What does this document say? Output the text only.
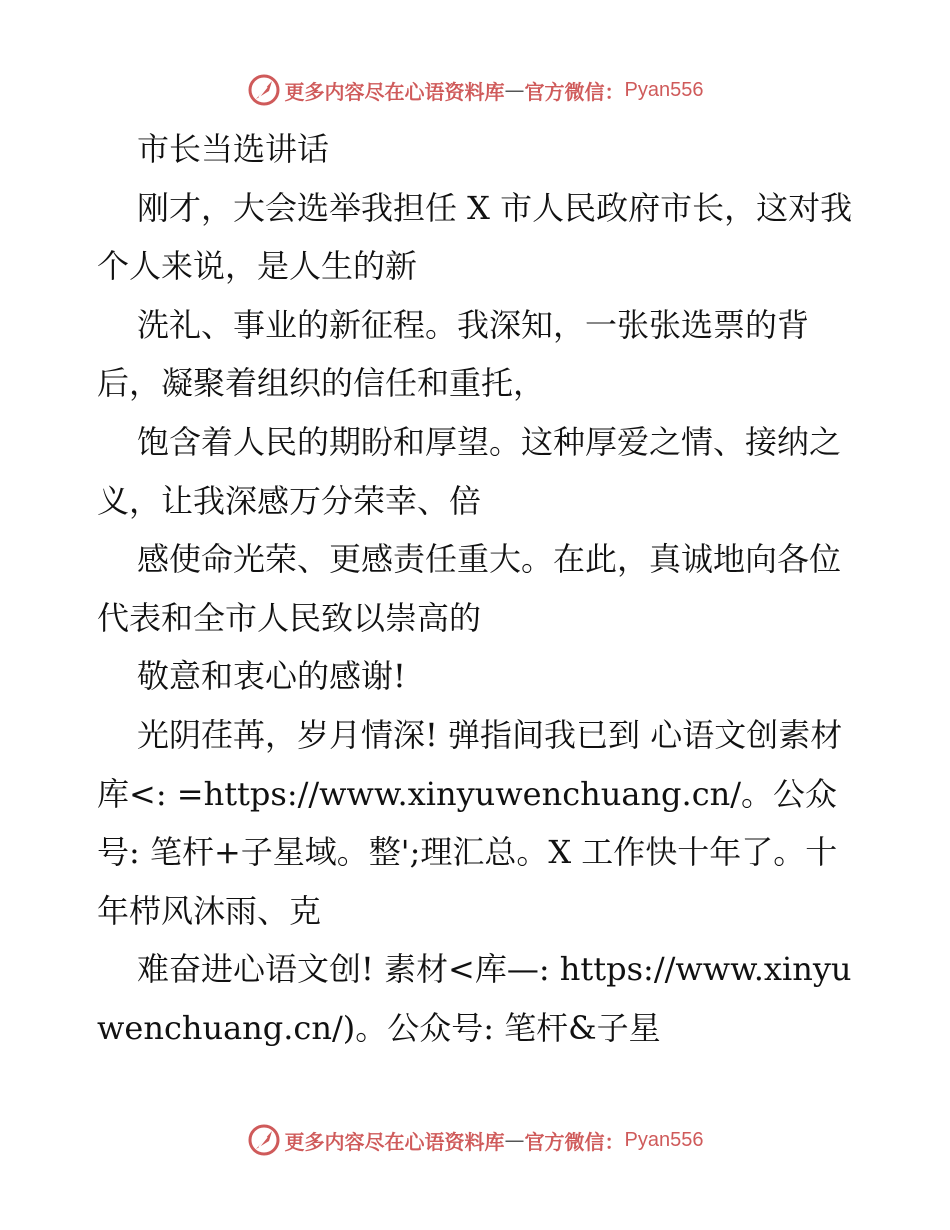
更多内容尽在心语资料库 — 官方微信： Pyan556

市长当选讲话

刚才，大会选举我担任 X 市人民政府市长，这对我个人来说，是人生的新

洗礼、事业的新征程。我深知，一张张选票的背后，凝聚着组织的信任和重托，

饱含着人民的期盼和厚望。这种厚爱之情、接纳之义，让我深感万分荣幸、倍

感使命光荣、更感责任重大。在此，真诚地向各位代表和全市人民致以崇高的

敬意和衷心的感谢!

光阴荏苒，岁月情深! 弹指间我已到 心语文创素材库<: =https://www.xinyuwenchuang.cn/。公众号: 笔杆+子星域。整';理汇总。X 工作快十年了。十年栉风沐雨、克

难奋进心语文创! 素材<库—: https://www.xinyuwenchuang.cn/)。公众号: 笔杆&子星

更多内容尽在心语资料库 — 官方微信： Pyan556
